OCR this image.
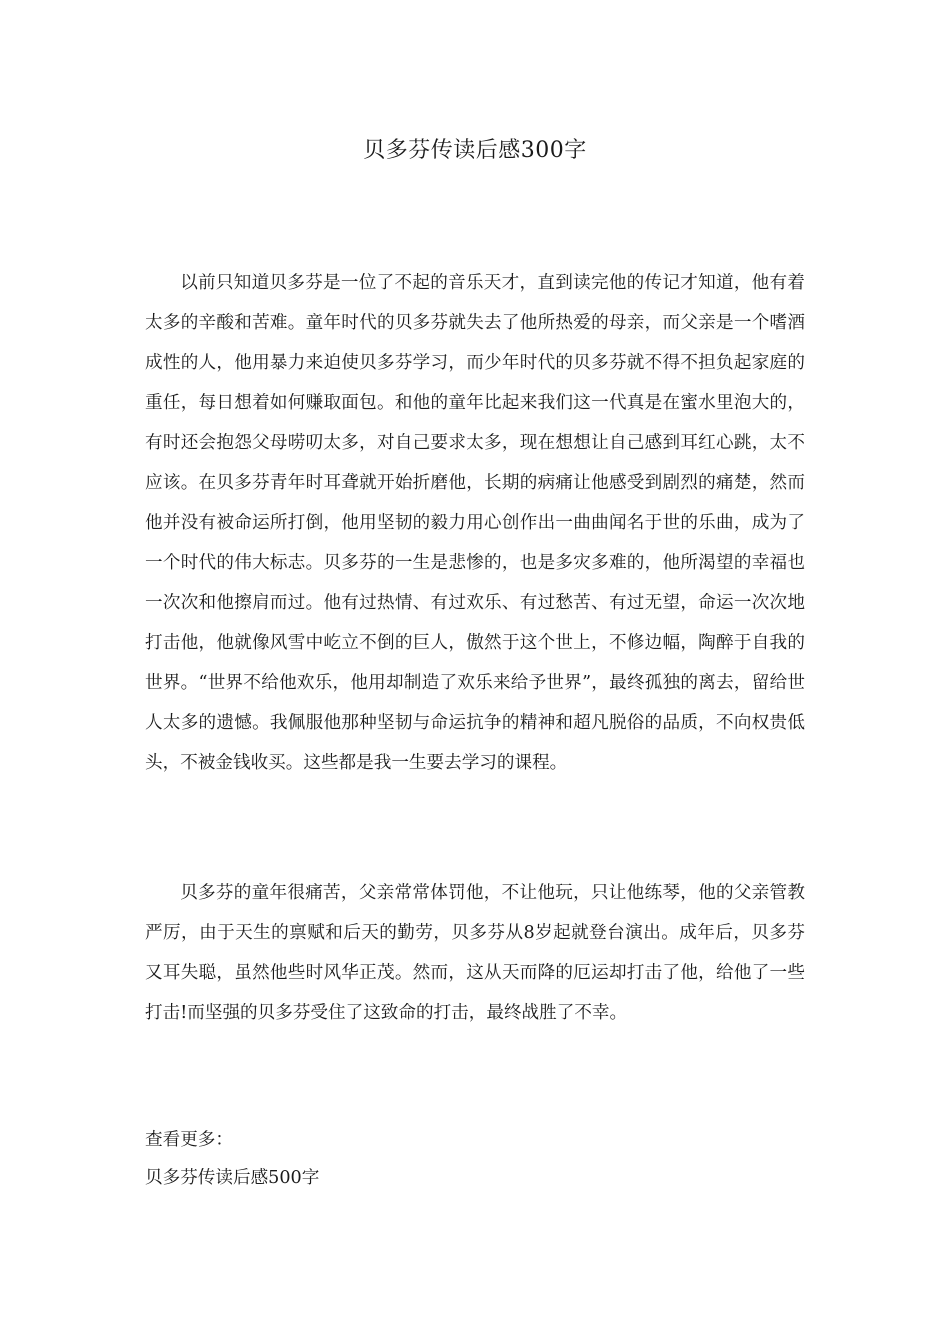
贝多芬传读后感300字

以前只知道贝多芬是一位了不起的音乐天才，直到读完他的传记才知道，他有着太多的辛酸和苦难。童年时代的贝多芬就失去了他所热爱的母亲，而父亲是一个嗜酒成性的人，他用暴力来迫使贝多芬学习，而少年时代的贝多芬就不得不担负起家庭的重任，每日想着如何赚取面包。和他的童年比起来我们这一代真是在蜜水里泡大的，有时还会抱怨父母唠叨太多，对自己要求太多，现在想想让自己感到耳红心跳，太不应该。在贝多芬青年时耳聋就开始折磨他，长期的病痛让他感受到剧烈的痛楚，然而他并没有被命运所打倒，他用坚韧的毅力用心创作出一曲曲闻名于世的乐曲，成为了一个时代的伟大标志。贝多芬的一生是悲惨的，也是多灾多难的，他所渴望的幸福也一次次和他擦肩而过。他有过热情、有过欢乐、有过愁苦、有过无望，命运一次次地打击他，他就像风雪中屹立不倒的巨人，傲然于这个世上，不修边幅，陶醉于自我的世界。“世界不给他欢乐，他用却制造了欢乐来给予世界”，最终孤独的离去，留给世人太多的遗憾。我佩服他那种坚韧与命运抗争的精神和超凡脱俗的品质，不向权贵低头，不被金钱收买。这些都是我一生要去学习的课程。

贝多芬的童年很痛苦，父亲常常体罚他，不让他玩，只让他练琴，他的父亲管教严厉，由于天生的禀赋和后天的勤劳，贝多芬从8岁起就登台演出。成年后，贝多芬又耳失聪，虽然他些时风华正茂。然而，这从天而降的厄运却打击了他，给他了一些打击!而坚强的贝多芬受住了这致命的打击，最终战胜了不幸。

查看更多：
贝多芬传读后感500字
